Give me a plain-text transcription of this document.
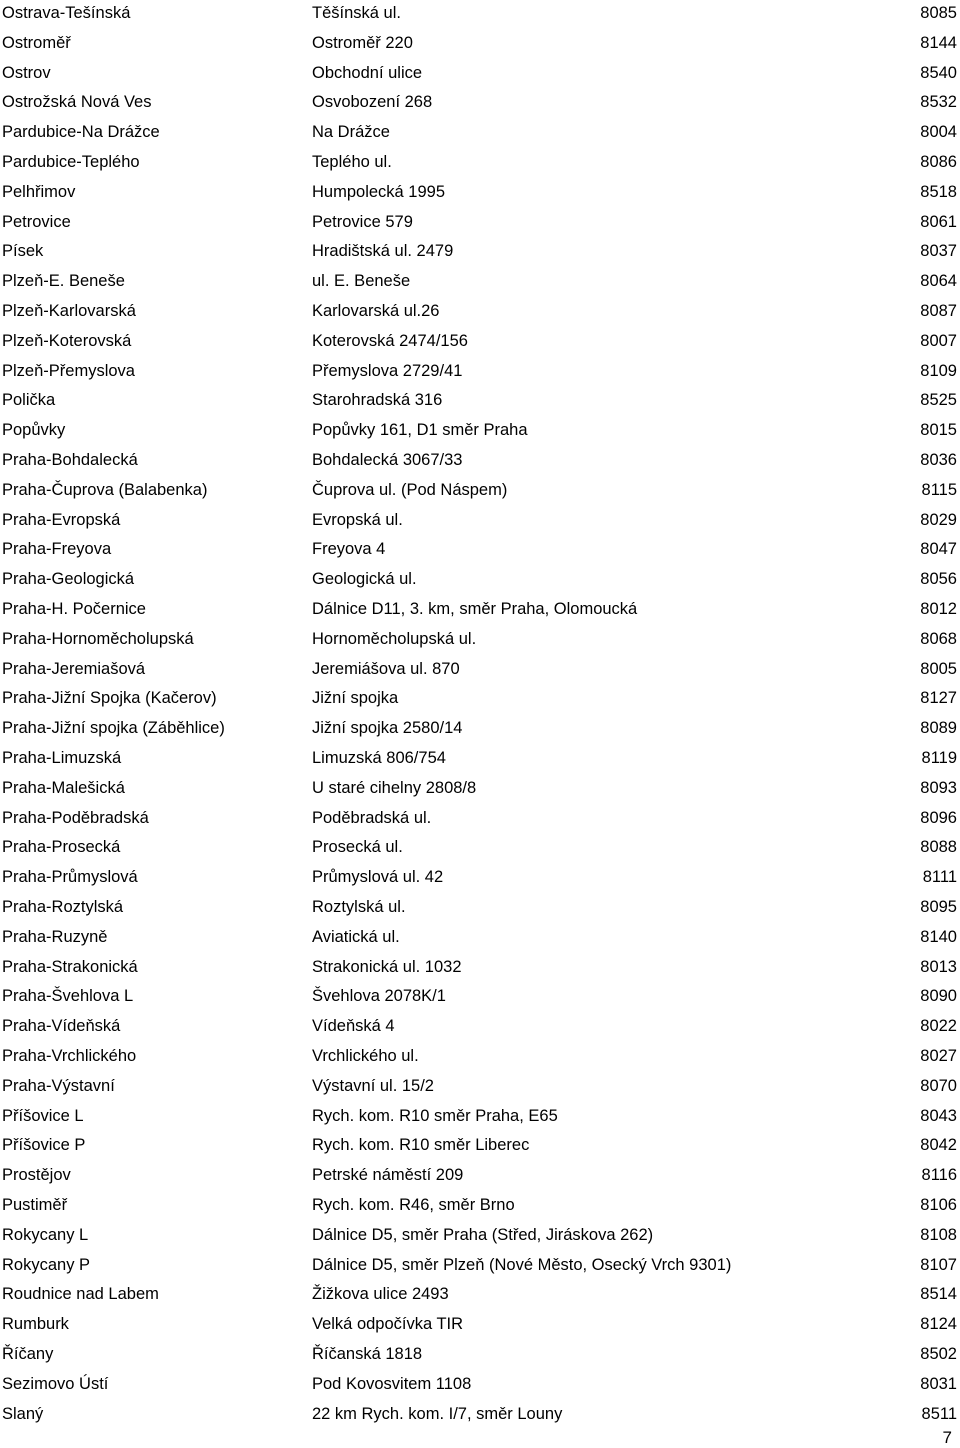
Ostrava-Tešínská	Těšínská ul.	8085
Ostroměř	Ostroměř 220	8144
Ostrov	Obchodní ulice	8540
Ostrožská Nová Ves	Osvobození 268	8532
Pardubice-Na Drážce	Na Drážce	8004
Pardubice-Teplého	Teplého ul.	8086
Pelhřimov	Humpolecká 1995	8518
Petrovice	Petrovice 579	8061
Písek	Hradištská ul. 2479	8037
Plzeň-E. Beneše	ul. E. Beneše	8064
Plzeň-Karlovarská	Karlovarská ul.26	8087
Plzeň-Koterovská	Koterovská 2474/156	8007
Plzeň-Přemyslova	Přemyslova 2729/41	8109
Polička	Starohradská 316	8525
Popůvky	Popůvky 161, D1 směr Praha	8015
Praha-Bohdalecká	Bohdalecká 3067/33	8036
Praha-Čuprova (Balabenka)	Čuprova ul. (Pod Náspem)	8115
Praha-Evropská	Evropská ul.	8029
Praha-Freyova	Freyova 4	8047
Praha-Geologická	Geologická ul.	8056
Praha-H. Počernice	Dálnice D11, 3. km, směr Praha, Olomoucká	8012
Praha-Hornoměcholupská	Hornoměcholupská ul.	8068
Praha-Jeremiašová	Jeremiášova ul. 870	8005
Praha-Jižní Spojka (Kačerov)	Jižní spojka	8127
Praha-Jižní spojka (Záběhlice)	Jižní spojka 2580/14	8089
Praha-Limuzská	Limuzská 806/754	8119
Praha-Malešická	U staré cihelny 2808/8	8093
Praha-Poděbradská	Poděbradská ul.	8096
Praha-Prosecká	Prosecká ul.	8088
Praha-Průmyslová	Průmyslová ul. 42	8111
Praha-Roztylská	Roztylská ul.	8095
Praha-Ruzyně	Aviatická ul.	8140
Praha-Strakonická	Strakonická ul. 1032	8013
Praha-Švehlova L	Švehlova 2078K/1	8090
Praha-Vídeňská	Vídeňská 4	8022
Praha-Vrchlického	Vrchlického ul.	8027
Praha-Výstavní	Výstavní ul. 15/2	8070
Příšovice L	Rych. kom. R10 směr Praha, E65	8043
Příšovice P	Rych. kom. R10 směr Liberec	8042
Prostějov	Petrské náměstí 209	8116
Pustiměř	Rych. kom. R46, směr Brno	8106
Rokycany L	Dálnice D5, směr Praha (Střed, Jiráskova 262)	8108
Rokycany P	Dálnice D5, směr Plzeň (Nové Město, Osecký Vrch 9301)	8107
Roudnice nad Labem	Žižkova ulice 2493	8514
Rumburk	Velká odpočívka TIR	8124
Říčany	Říčanská 1818	8502
Sezimovo Ústí	Pod Kovosvitem 1108	8031
Slaný	22 km Rych. kom. I/7, směr Louny	8511
7
